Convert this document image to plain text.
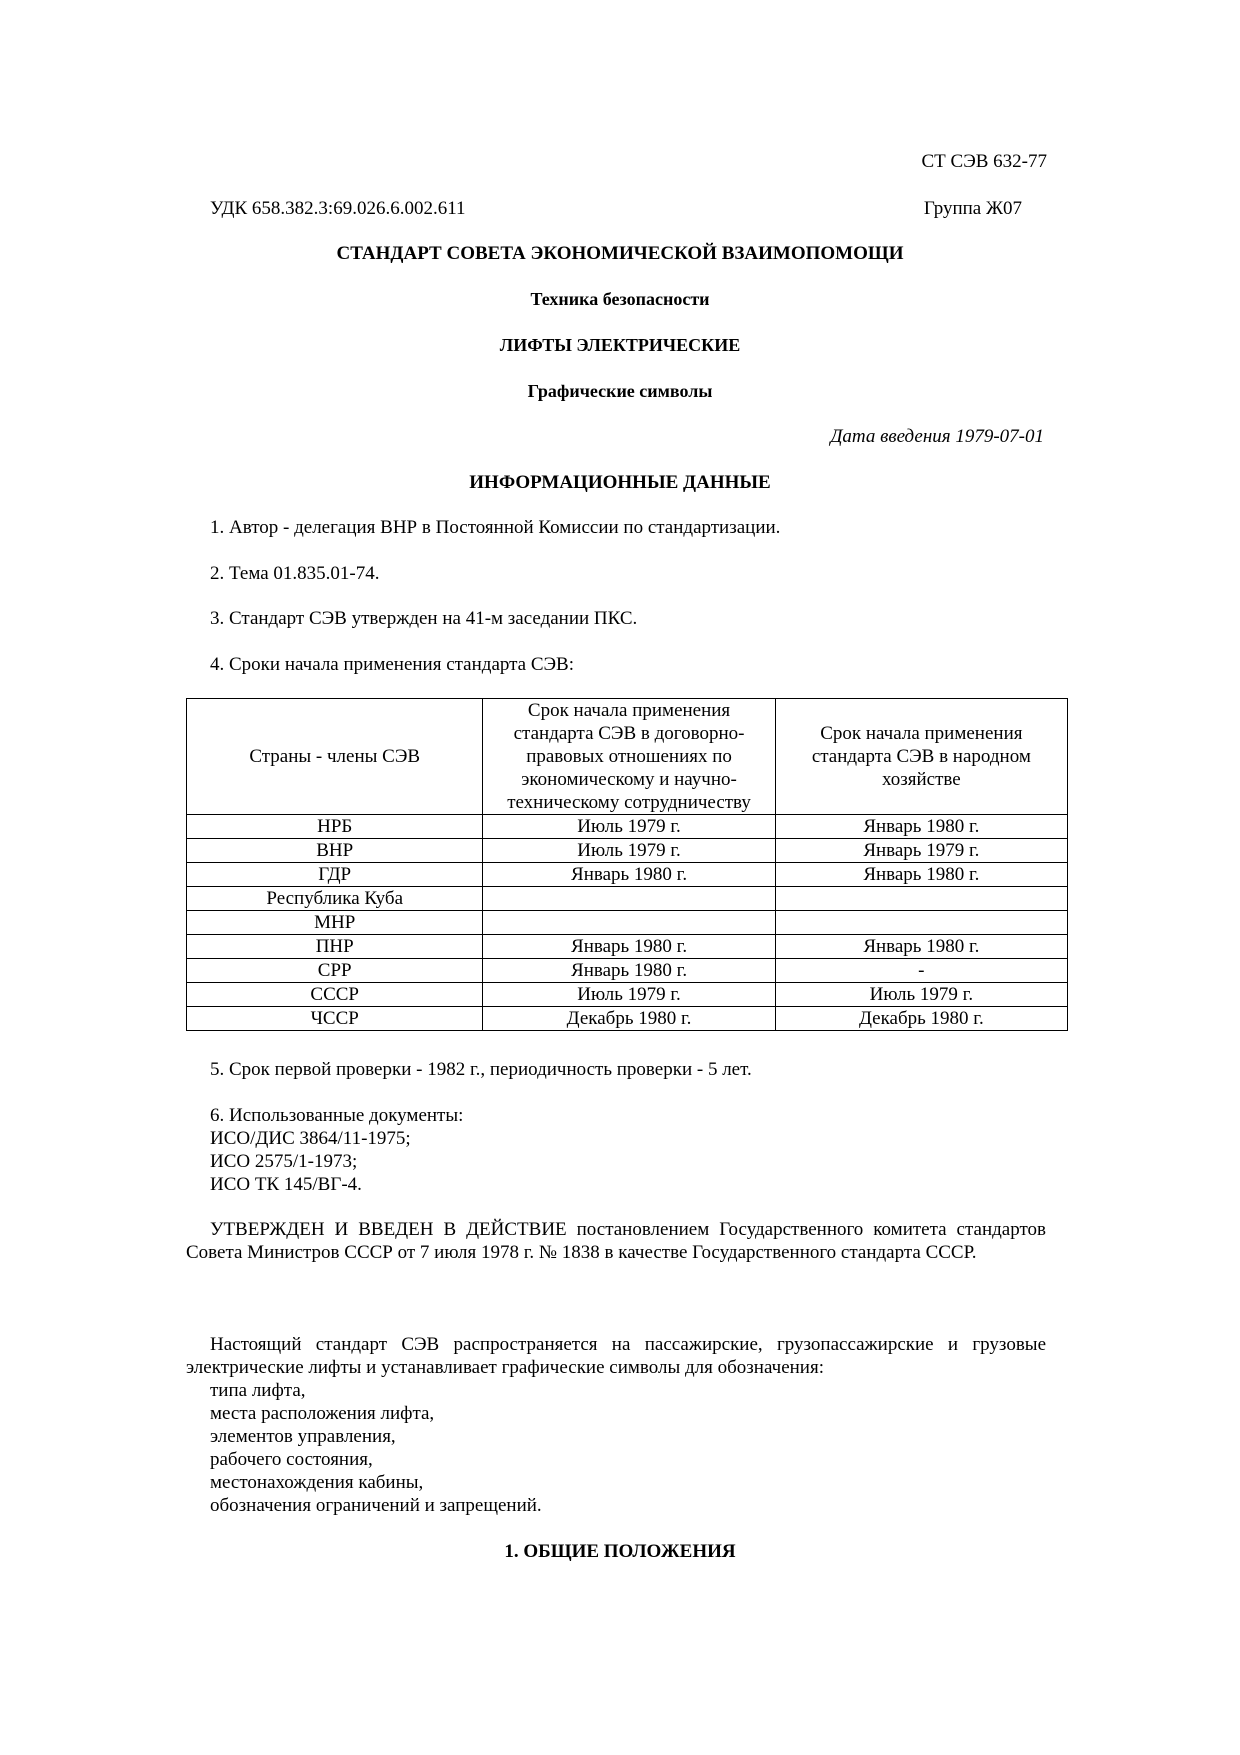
СТ СЭВ 632-77
УДК 658.382.3:69.026.6.002.611	Группа Ж07
СТАНДАРТ СОВЕТА ЭКОНОМИЧЕСКОЙ ВЗАИМОПОМОЩИ
Техника безопасности
ЛИФТЫ ЭЛЕКТРИЧЕСКИЕ
Графические символы
Дата введения 1979-07-01
ИНФОРМАЦИОННЫЕ ДАННЫЕ
1. Автор - делегация ВНР в Постоянной Комиссии по стандартизации.
2. Тема 01.835.01-74.
3. Стандарт СЭВ утвержден на 41-м заседании ПКС.
4. Сроки начала применения стандарта СЭВ:
Страны - члены СЭВ	Срок начала применения стандарта СЭВ в договорно-правовых отношениях по экономическому и научно-техническому сотрудничеству	Срок начала применения стандарта СЭВ в народном хозяйстве
НРБ	Июль 1979 г.	Январь 1980 г.
ВНР	Июль 1979 г.	Январь 1979 г.
ГДР	Январь 1980 г.	Январь 1980 г.
Республика Куба		
МНР		
ПНР	Январь 1980 г.	Январь 1980 г.
СРР	Январь 1980 г.	-
СССР	Июль 1979 г.	Июль 1979 г.
ЧССР	Декабрь 1980 г.	Декабрь 1980 г.
5. Срок первой проверки - 1982 г., периодичность проверки - 5 лет.
6. Использованные документы:
ИСО/ДИС 3864/11-1975;
ИСО 2575/1-1973;
ИСО ТК 145/ВГ-4.
УТВЕРЖДЕН И ВВЕДЕН В ДЕЙСТВИЕ постановлением Государственного комитета стандартов Совета Министров СССР от 7 июля 1978 г. № 1838 в качестве Государственного стандарта СССР.
Настоящий стандарт СЭВ распространяется на пассажирские, грузопассажирские и грузовые электрические лифты и устанавливает графические символы для обозначения:
типа лифта,
места расположения лифта,
элементов управления,
рабочего состояния,
местонахождения кабины,
обозначения ограничений и запрещений.
1. ОБЩИЕ ПОЛОЖЕНИЯ
